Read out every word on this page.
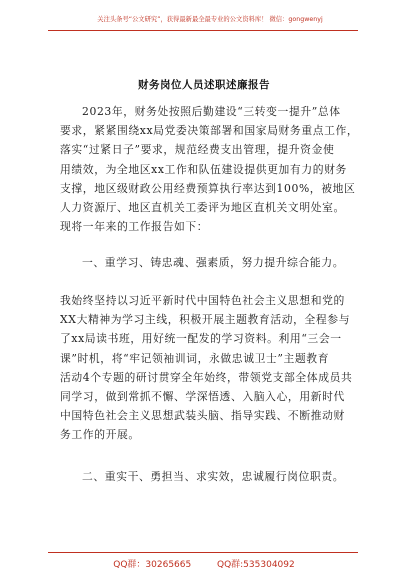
关注头条号“公文研究”，获得最新最全最专业的公文资料库！ 微信：gongwenyj
财务岗位人员述职述廉报告
2023年，财务处按照后勤建设“三转变一提升”总体
要求，紧紧围绕xx局党委决策部署和国家局财务重点工作，
落实“过紧日子”要求，规范经费支出管理，提升资金使
用绩效，为全地区xx工作和队伍建设提供更加有力的财务
支撑，地区级财政公用经费预算执行率达到100%，被地区
人力资源厅、地区直机关工委评为地区直机关文明处室。
现将一年来的工作报告如下：
一、重学习、铸忠魂、强素质，努力提升综合能力。
我始终坚持以习近平新时代中国特色社会主义思想和党的
XX大精神为学习主线，积极开展主题教育活动，全程参与
了xx局读书班，用好统一配发的学习资料。利用“三会一
课”时机，将“牢记领袖训词，永做忠诚卫士”主题教育
活动4个专题的研讨贯穿全年始终，带领党支部全体成员共
同学习，做到常抓不懈、学深悟透、入脑入心，用新时代
中国特色社会主义思想武装头脑、指导实践、不断推动财
务工作的开展。
二、重实干、勇担当、求实效，忠诚履行岗位职责。
QQ群：30265665	QQ群:535304092
